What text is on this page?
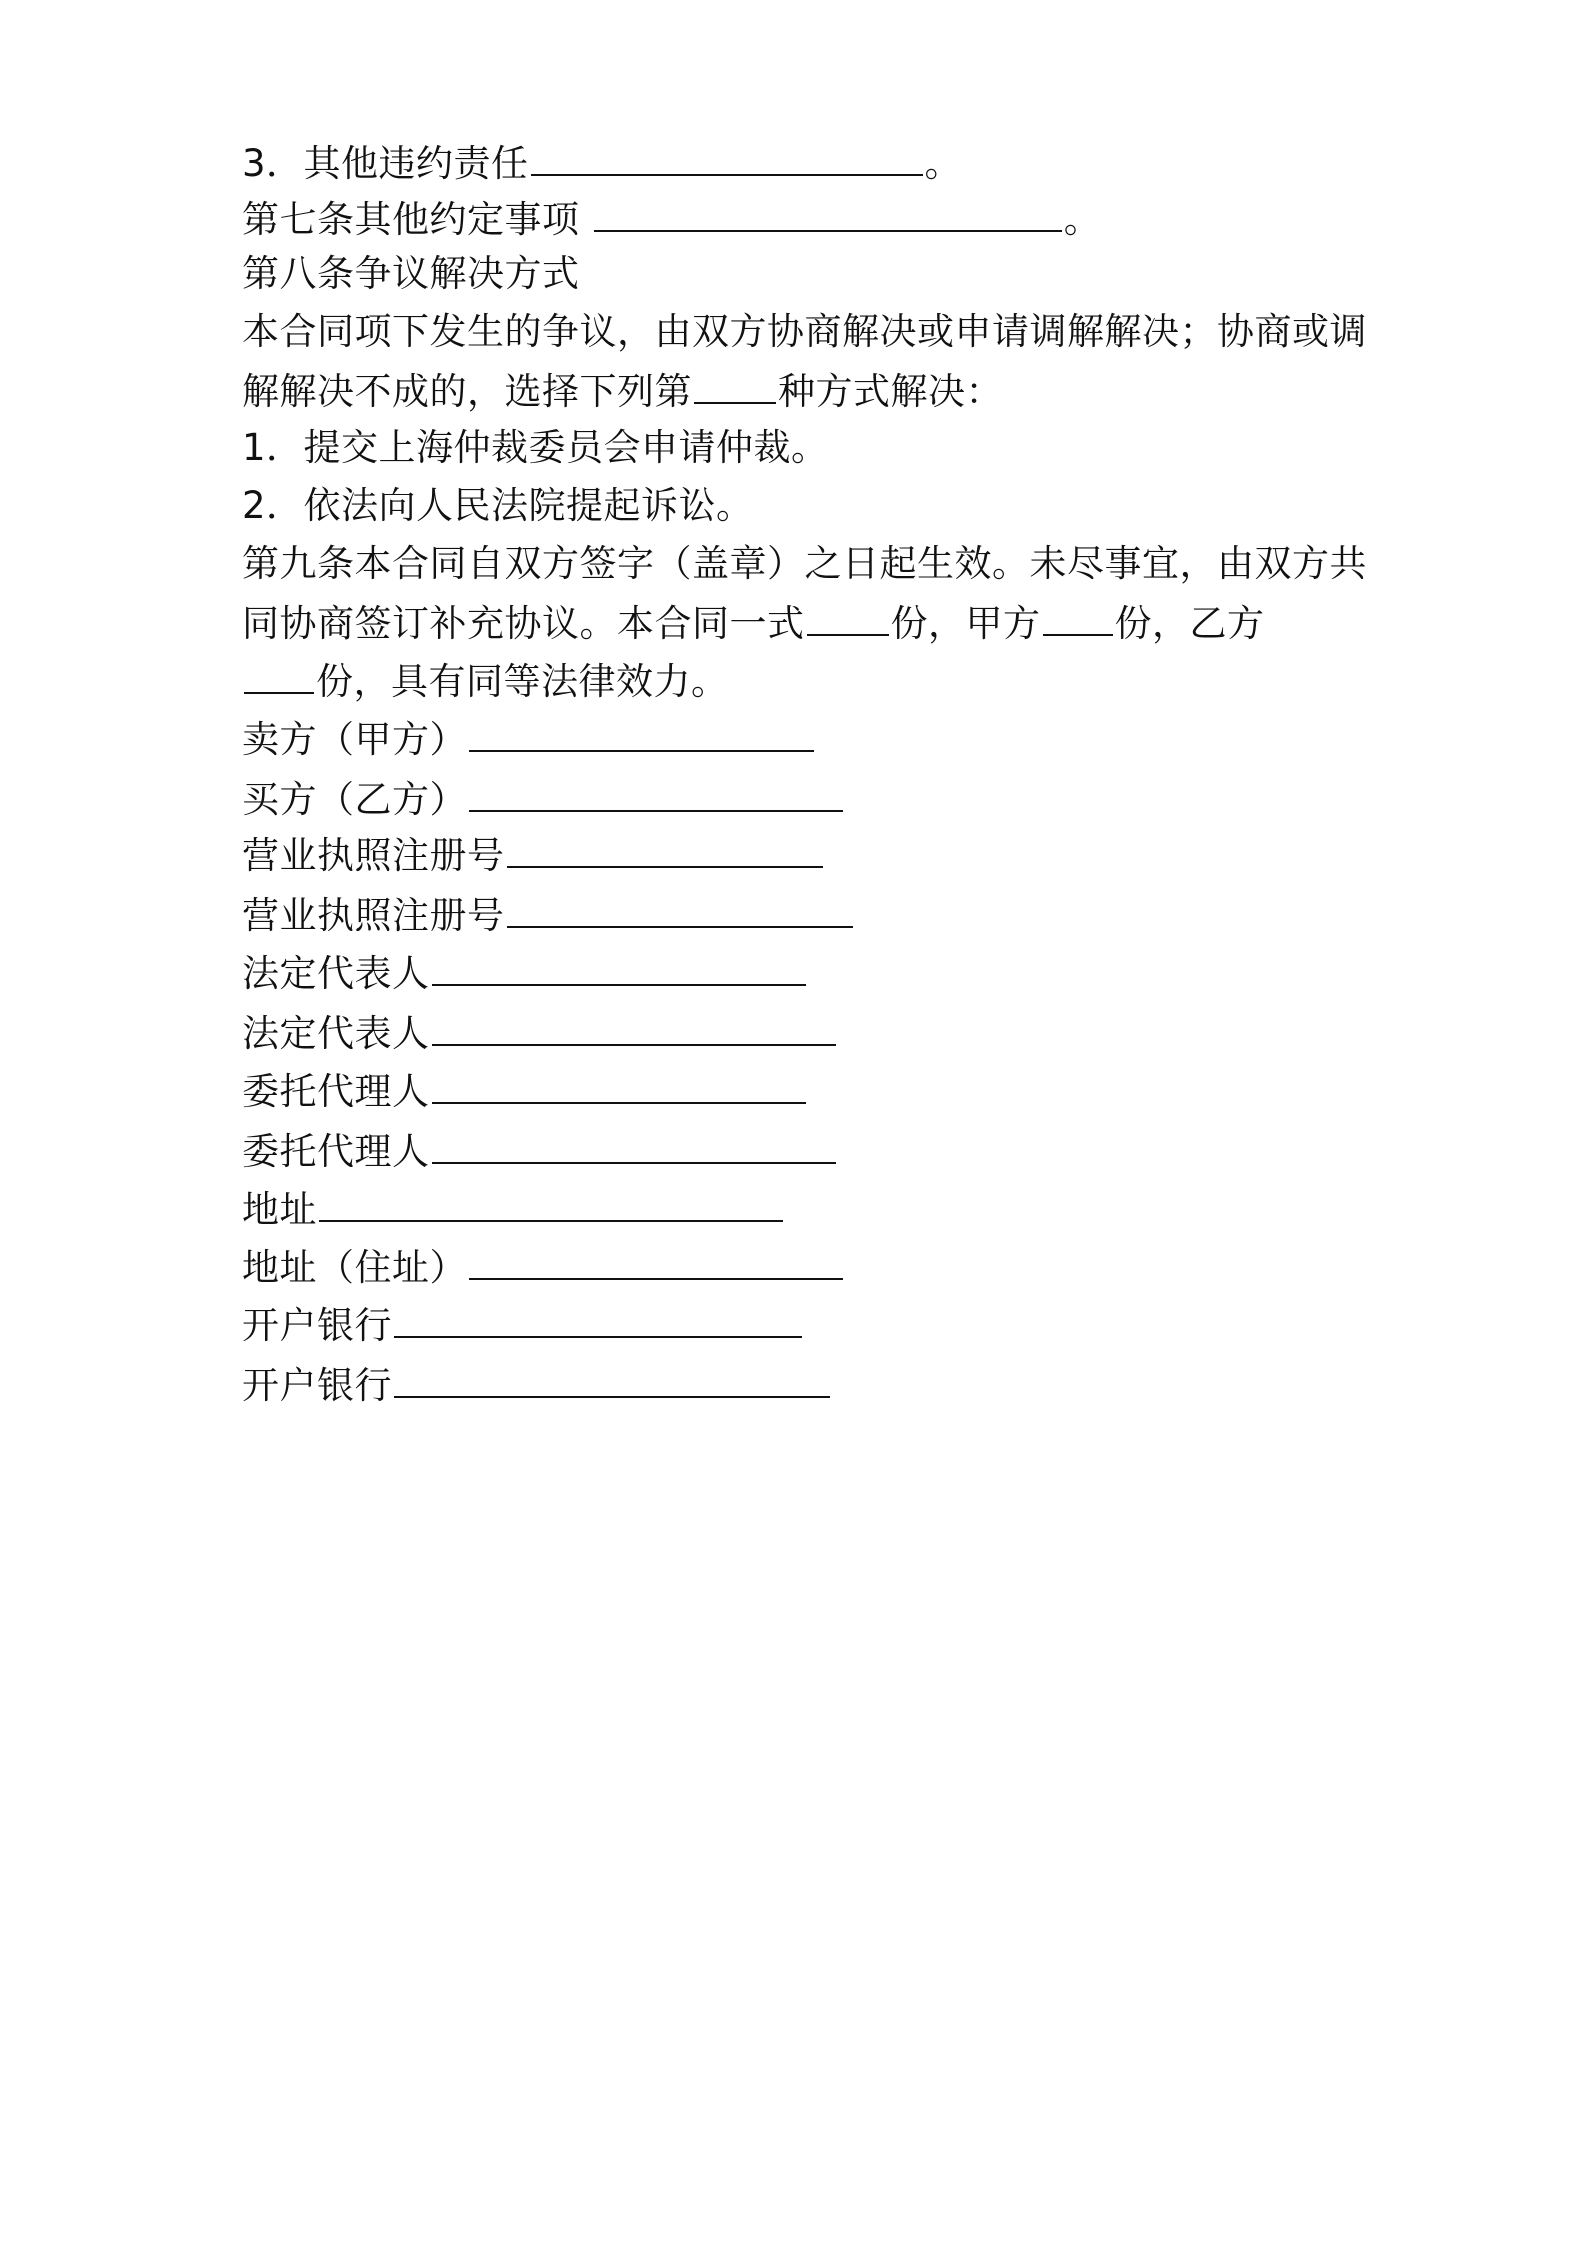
3．其他违约责任	。
第七条其他约定事项	。
第八条争议解决方式
本合同项下发生的争议，由双方协商解决或申请调解解决；协商或调
解解决不成的，选择下列第 种方式解决：
1．提交上海仲裁委员会申请仲裁。
2．依法向人民法院提起诉讼。
第九条本合同自双方签字（盖章）之日起生效。未尽事宜，由双方共
同协商签订补充协议。本合同一式 份，甲方 份，乙方
份，具有同等法律效力。
卖方（甲方）
买方（乙方）
营业执照注册号
营业执照注册号
法定代表人
法定代表人
委托代理人
委托代理人
地址
地址（住址）
开户银行
开户银行
